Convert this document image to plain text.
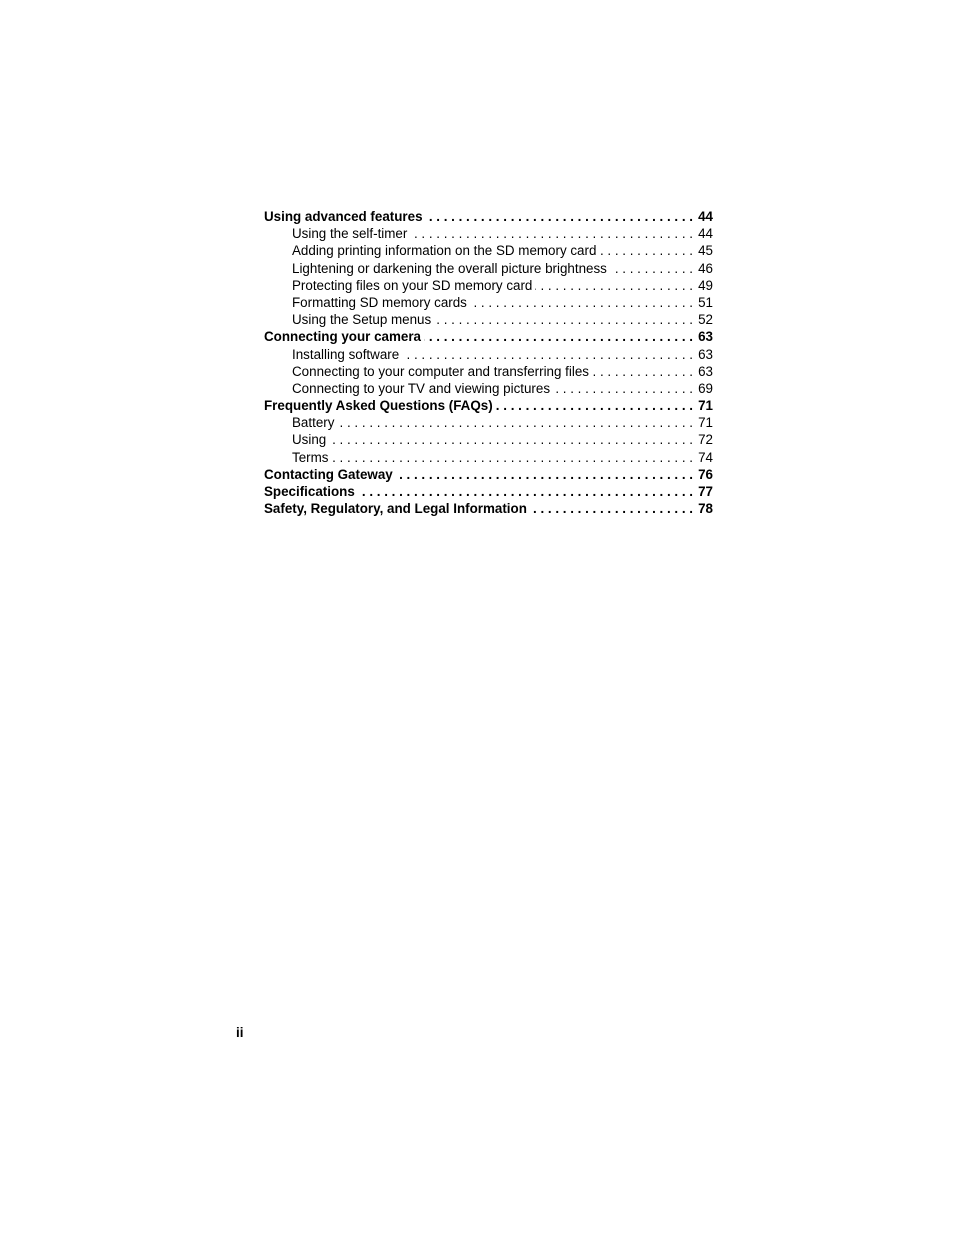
Using advanced features . . .	44
Using the self-timer . . .	44
Adding printing information on the SD memory card . . .	45
Lightening or darkening the overall picture brightness . . .	46
Protecting files on your SD memory card . . .	49
Formatting SD memory cards . . .	51
Using the Setup menus . . .	52
Connecting your camera . . .	63
Installing software . . .	63
Connecting to your computer and transferring files . . .	63
Connecting to your TV and viewing pictures . . .	69
Frequently Asked Questions (FAQs) . . .	71
Battery . . .	71
Using . . .	72
Terms . . .	74
Contacting Gateway . . .	76
Specifications . . .	77
Safety, Regulatory, and Legal Information . . .	78
ii
